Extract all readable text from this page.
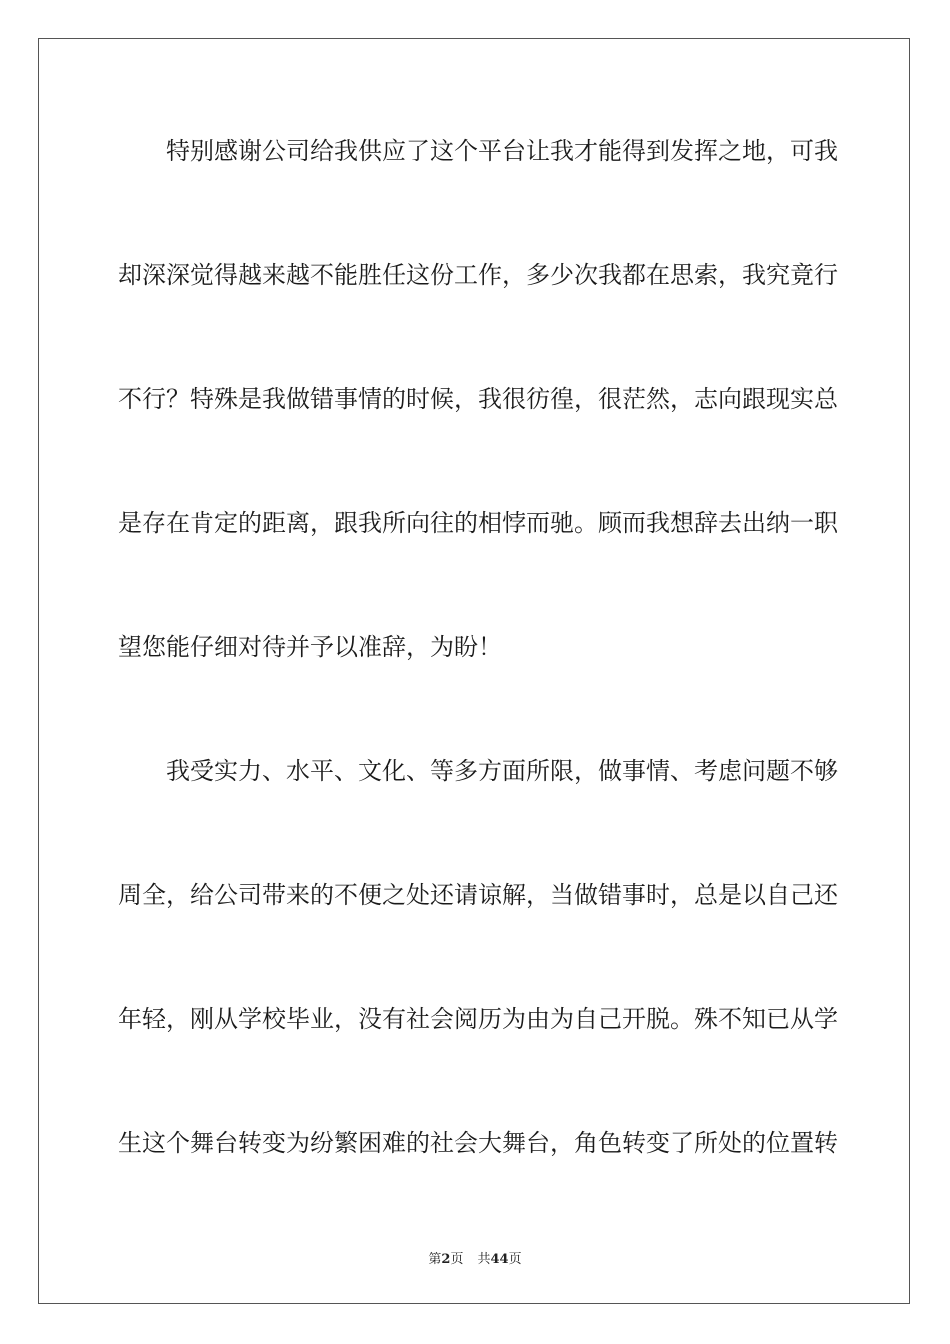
特别感谢公司给我供应了这个平台让我才能得到发挥之地，可我
却深深觉得越来越不能胜任这份工作，多少次我都在思索，我究竟行
不行？特殊是我做错事情的时候，我很彷徨，很茫然，志向跟现实总
是存在肯定的距离，跟我所向往的相悖而驰。顾而我想辞去出纳一职
望您能仔细对待并予以准辞，为盼！
我受实力、水平、文化、等多方面所限，做事情、考虑问题不够
周全，给公司带来的不便之处还请谅解，当做错事时，总是以自己还
年轻，刚从学校毕业，没有社会阅历为由为自己开脱。殊不知已从学
生这个舞台转变为纷繁困难的社会大舞台，角色转变了所处的位置转
第2页 共44页
